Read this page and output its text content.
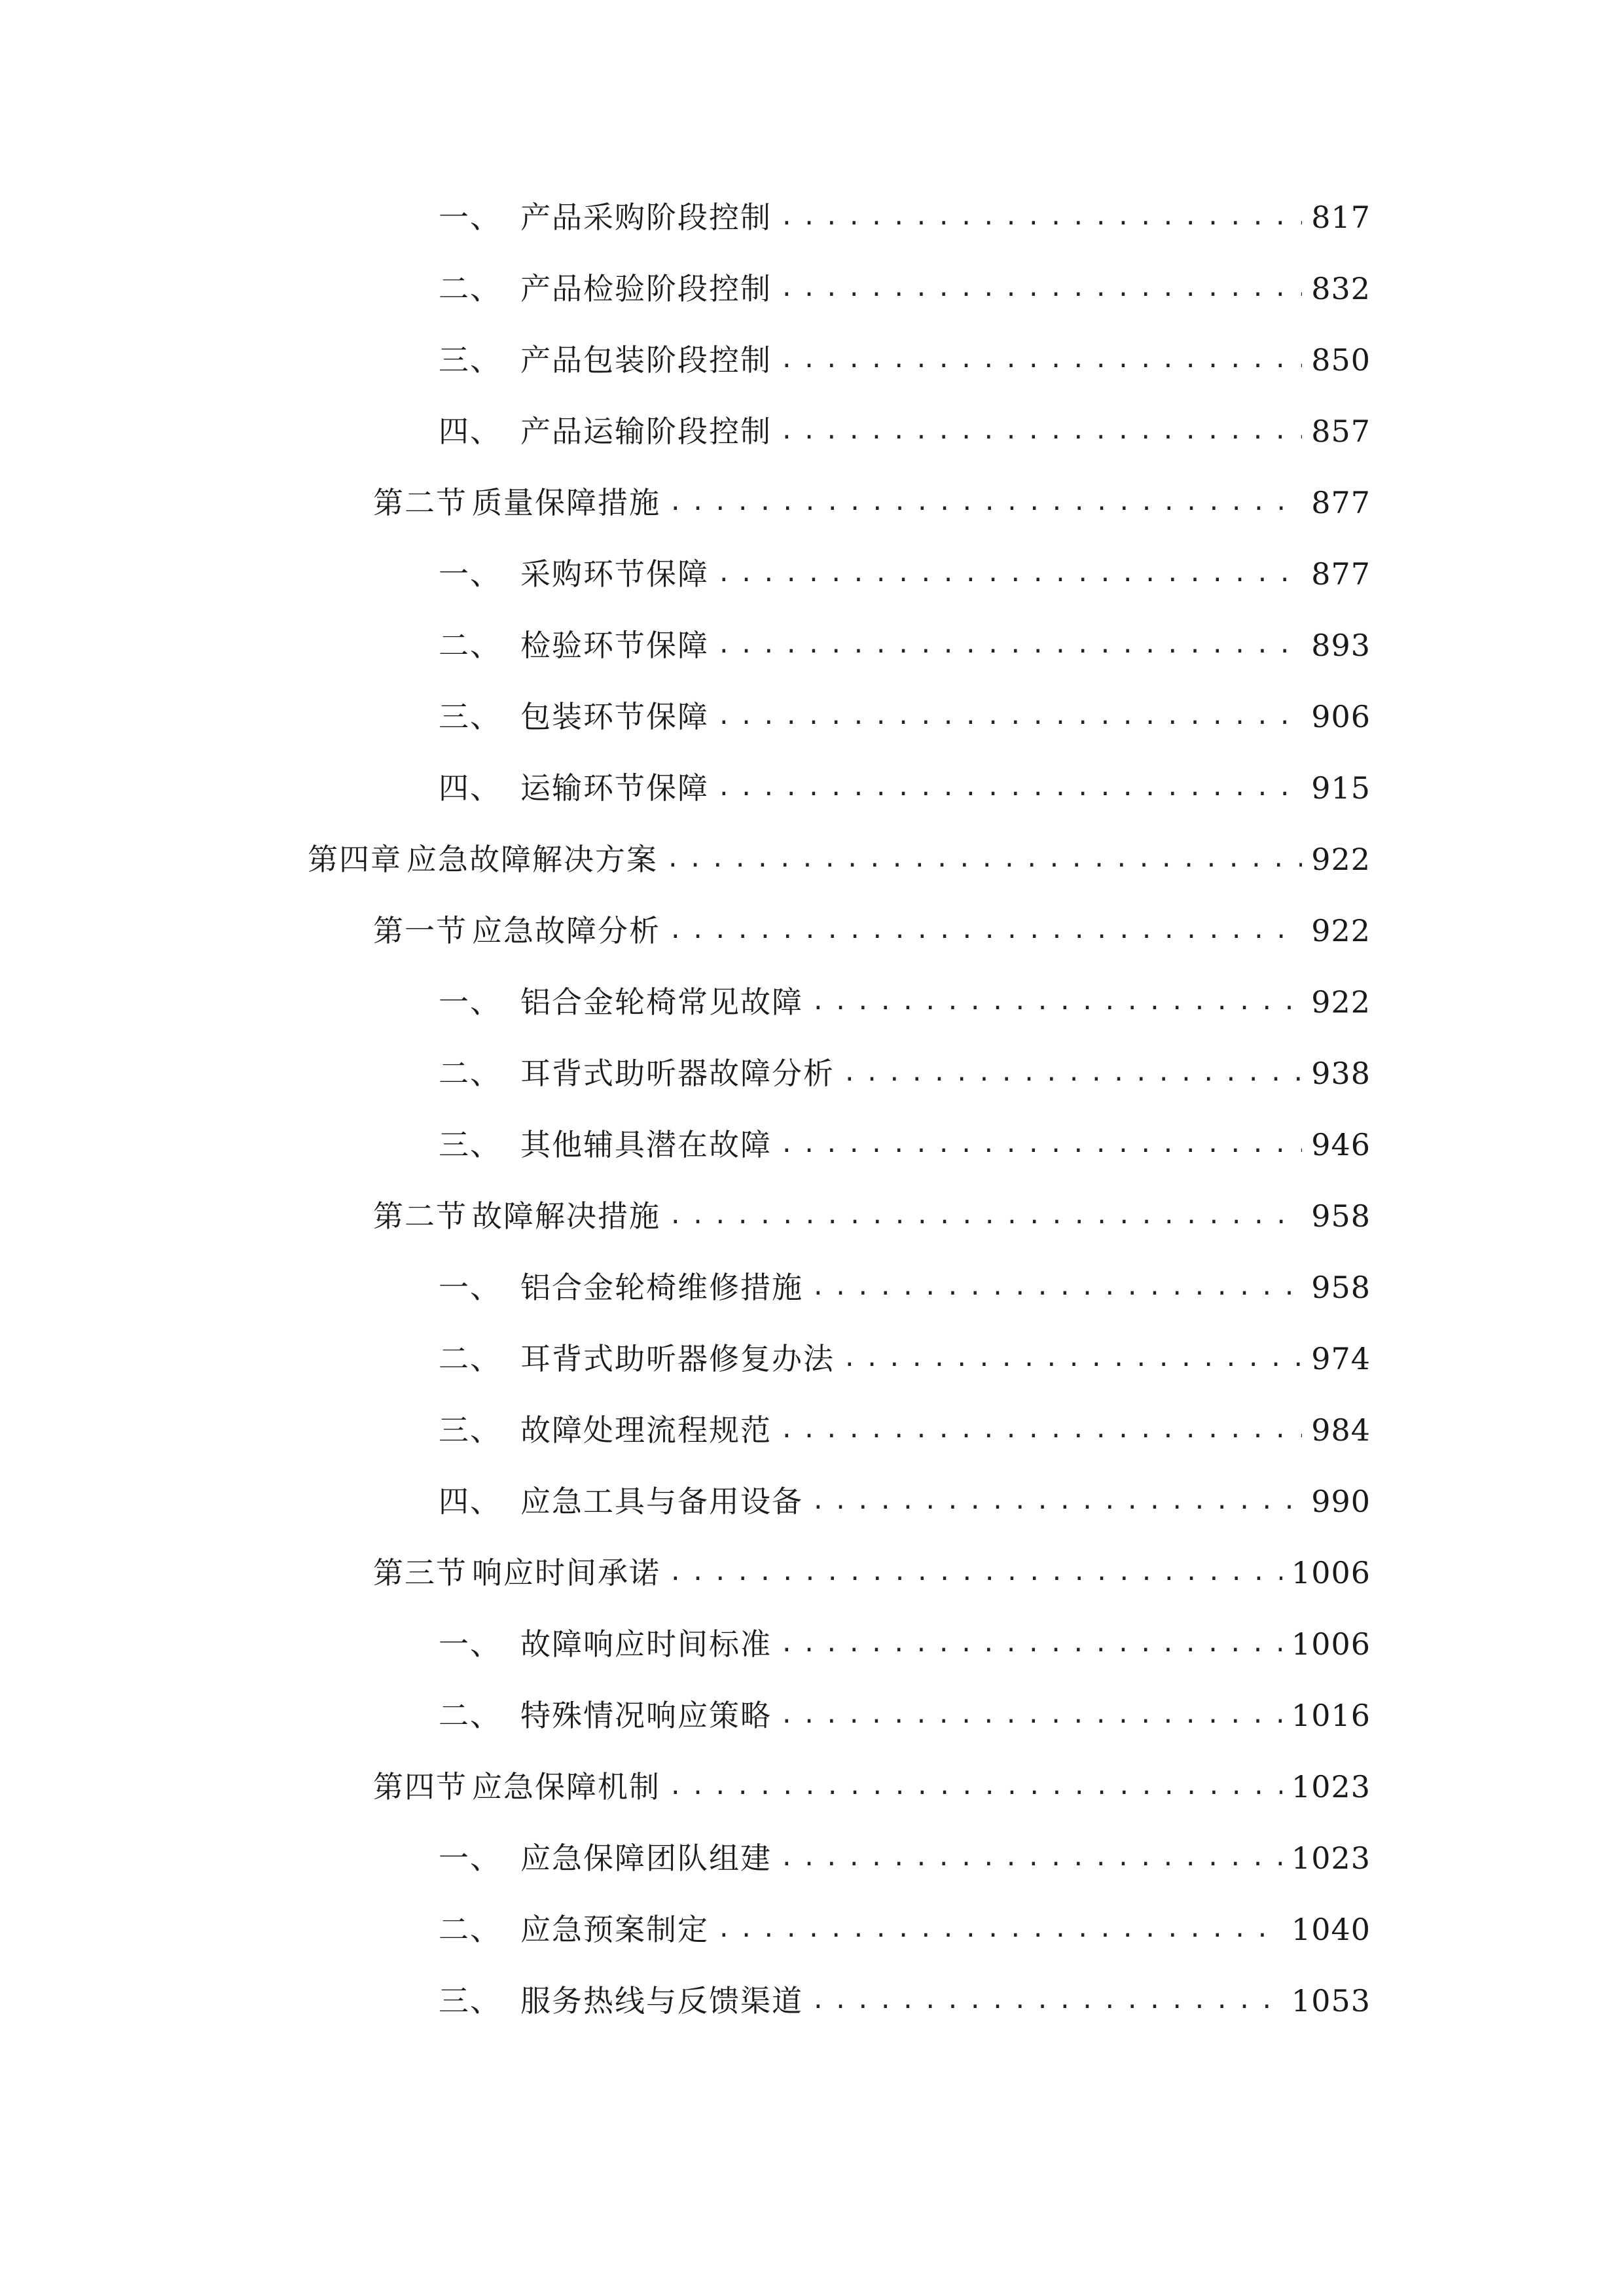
一、 产品采购阶段控制 .....	817
二、 产品检验阶段控制 .....	832
三、 产品包装阶段控制 .....	850
四、 产品运输阶段控制 .....	857
第二节 质量保障措施 .....	877
一、 采购环节保障 .....	877
二、 检验环节保障 .....	893
三、 包装环节保障 .....	906
四、 运输环节保障 .....	915
第四章 应急故障解决方案 .....	922
第一节 应急故障分析 .....	922
一、 铝合金轮椅常见故障 .....	922
二、 耳背式助听器故障分析 .....	938
三、 其他辅具潜在故障 .....	946
第二节 故障解决措施 .....	958
一、 铝合金轮椅维修措施 .....	958
二、 耳背式助听器修复办法 .....	974
三、 故障处理流程规范 .....	984
四、 应急工具与备用设备 .....	990
第三节 响应时间承诺 .....	1006
一、 故障响应时间标准 .....	1006
二、 特殊情况响应策略 .....	1016
第四节 应急保障机制 .....	1023
一、 应急保障团队组建 .....	1023
二、 应急预案制定 .....	1040
三、 服务热线与反馈渠道 .....	1053
